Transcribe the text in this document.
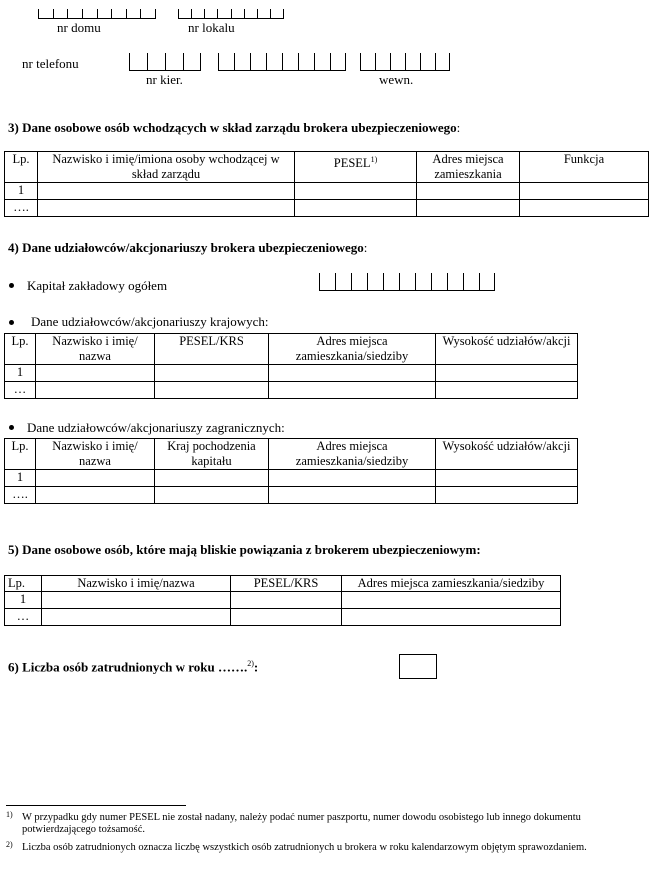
nr domu	nr lokalu
nr telefonu
nr kier.	wewn.
3) Dane osobowe osób wchodzących w skład zarządu brokera ubezpieczeniowego:
Lp.	Nazwisko i imię/imiona osoby wchodzącej w skład zarządu	PESEL$^{1)}$	Adres miejsca zamieszkania	Funkcja
1				
….				
4) Dane udziałowców/akcjonariuszy brokera ubezpieczeniowego:
Kapitał zakładowy ogółem
Dane udziałowców/akcjonariuszy krajowych:
Lp.	Nazwisko i imię/ nazwa	PESEL/KRS	Adres miejsca zamieszkania/siedziby	Wysokość udziałów/akcji
1				
…				
Dane udziałowców/akcjonariuszy zagranicznych:
Lp.	Nazwisko i imię/ nazwa	Kraj pochodzenia kapitału	Adres miejsca zamieszkania/siedziby	Wysokość udziałów/akcji
1				
….				
5) Dane osobowe osób, które mają bliskie powiązania z brokerem ubezpieczeniowym:
Lp.	Nazwisko i imię/nazwa	PESEL/KRS	Adres miejsca zamieszkania/siedziby
1			
…			
6) Liczba osób zatrudnionych w roku …….$^{2)}$:
1) W przypadku gdy numer PESEL nie został nadany, należy podać numer paszportu, numer dowodu osobistego lub innego dokumentu potwierdzającego tożsamość.
2) Liczba osób zatrudnionych oznacza liczbę wszystkich osób zatrudnionych u brokera w roku kalendarzowym objętym sprawozdaniem.
